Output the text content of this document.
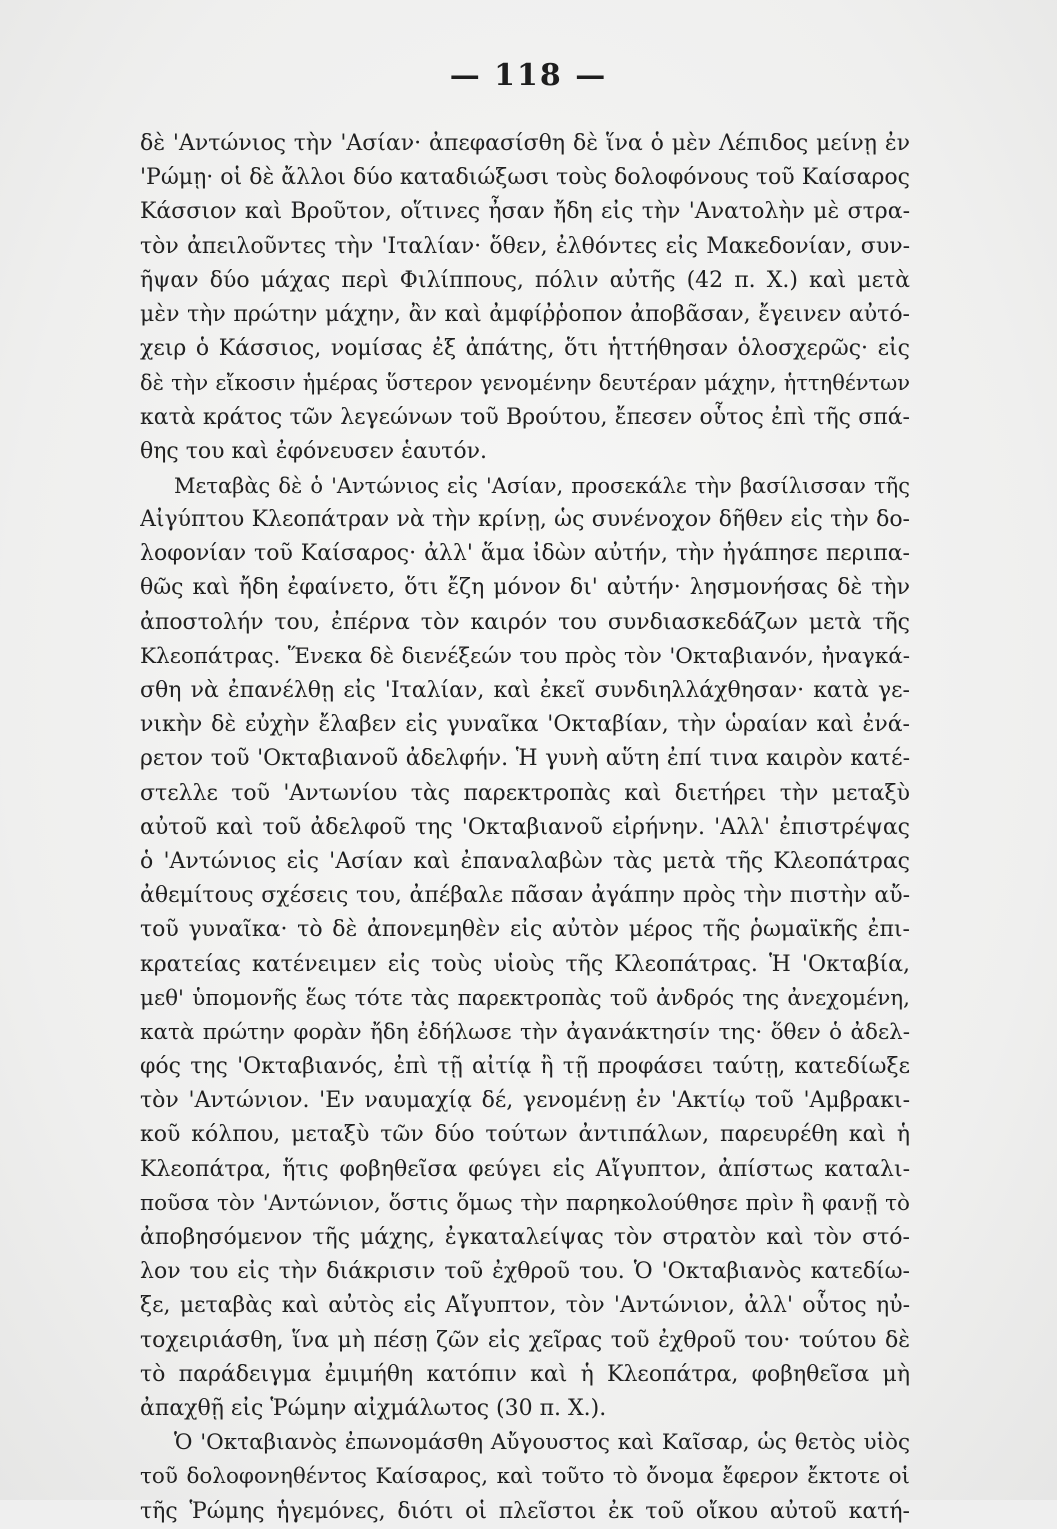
— 118 —
δὲ 'Αντώνιος τὴν 'Ασίαν· ἀπεφασίσθη δὲ ἵνα ὁ μὲν Λέπιδος μείνῃ ἐν
'Ρώμῃ· οἱ δὲ ἄλλοι δύο καταδιώξωσι τοὺς δολοφόνους τοῦ Καίσαρος
Κάσσιον καὶ Βροῦτον, οἵτινες ἦσαν ἤδη εἰς τὴν 'Ανατολὴν μὲ στρα-
τὸν ἀπειλοῦντες τὴν 'Ιταλίαν· ὅθεν, ἐλθόντες εἰς Μακεδονίαν, συν-
ῆψαν δύο μάχας περὶ Φιλίππους, πόλιν αὐτῆς (42 π. Χ.) καὶ μετὰ
μὲν τὴν πρώτην μάχην, ἂν καὶ ἀμφίῤῥοπον ἀποβᾶσαν, ἔγεινεν αὐτό-
χειρ ὁ Κάσσιος, νομίσας ἐξ ἀπάτης, ὅτι ἡττήθησαν ὁλοσχερῶς· εἰς
δὲ τὴν εἴκοσιν ἡμέρας ὕστερον γενομένην δευτέραν μάχην, ἡττηθέντων
κατὰ κράτος τῶν λεγεώνων τοῦ Βρούτου, ἔπεσεν οὗτος ἐπὶ τῆς σπά-
θης του καὶ ἐφόνευσεν ἑαυτόν.
Μεταβὰς δὲ ὁ 'Αντώνιος εἰς 'Ασίαν, προσεκάλε τὴν βασίλισσαν τῆς
Αἰγύπτου Κλεοπάτραν νὰ τὴν κρίνῃ, ὡς συνένοχον δῆθεν εἰς τὴν δο-
λοφονίαν τοῦ Καίσαρος· ἀλλ' ἅμα ἰδὼν αὐτήν, τὴν ἠγάπησε περιπα-
θῶς καὶ ἤδη ἐφαίνετο, ὅτι ἔζη μόνον δι' αὐτήν· λησμονήσας δὲ τὴν
ἀποστολήν του, ἐπέρνα τὸν καιρόν του συνδιασκεδάζων μετὰ τῆς
Κλεοπάτρας. Ἕνεκα δὲ διενέξεών του πρὸς τὸν 'Οκταβιανόν, ἠναγκά-
σθη νὰ ἐπανέλθῃ εἰς 'Ιταλίαν, καὶ ἐκεῖ συνδιηλλάχθησαν· κατὰ γε-
νικὴν δὲ εὐχὴν ἔλαβεν εἰς γυναῖκα 'Οκταβίαν, τὴν ὡραίαν καὶ ἐνά-
ρετον τοῦ 'Οκταβιανοῦ ἀδελφήν. Ἡ γυνὴ αὕτη ἐπί τινα καιρὸν κατέ-
στελλε τοῦ 'Αντωνίου τὰς παρεκτροπὰς καὶ διετήρει τὴν μεταξὺ
αὐτοῦ καὶ τοῦ ἀδελφοῦ της 'Οκταβιανοῦ εἰρήνην. 'Αλλ' ἐπιστρέψας
ὁ 'Αντώνιος εἰς 'Ασίαν καὶ ἐπαναλαβὼν τὰς μετὰ τῆς Κλεοπάτρας
ἀθεμίτους σχέσεις του, ἀπέβαλε πᾶσαν ἀγάπην πρὸς τὴν πιστὴν αὔ-
τοῦ γυναῖκα· τὸ δὲ ἀπονεμηθὲν εἰς αὐτὸν μέρος τῆς ῥωμαϊκῆς ἐπι-
κρατείας κατένειμεν εἰς τοὺς υἱοὺς τῆς Κλεοπάτρας. Ἡ 'Οκταβία,
μεθ' ὑπομονῆς ἕως τότε τὰς παρεκτροπὰς τοῦ ἀνδρός της ἀνεχομένη,
κατὰ πρώτην φορὰν ἤδη ἐδήλωσε τὴν ἀγανάκτησίν της· ὅθεν ὁ ἀδελ-
φός της 'Οκταβιανός, ἐπὶ τῇ αἰτίᾳ ἢ τῇ προφάσει ταύτῃ, κατεδίωξε
τὸν 'Αντώνιον. 'Εν ναυμαχίᾳ δέ, γενομένῃ ἐν 'Ακτίῳ τοῦ 'Αμβρακι-
κοῦ κόλπου, μεταξὺ τῶν δύο τούτων ἀντιπάλων, παρευρέθη καὶ ἡ
Κλεοπάτρα, ἥτις φοβηθεῖσα φεύγει εἰς Αἴγυπτον, ἀπίστως καταλι-
ποῦσα τὸν 'Αντώνιον, ὅστις ὅμως τὴν παρηκολούθησε πρὶν ἢ φανῇ τὸ
ἀποβησόμενον τῆς μάχης, ἐγκαταλείψας τὸν στρατὸν καὶ τὸν στό-
λον του εἰς τὴν διάκρισιν τοῦ ἐχθροῦ του. Ὁ 'Οκταβιανὸς κατεδίω-
ξε, μεταβὰς καὶ αὐτὸς εἰς Αἴγυπτον, τὸν 'Αντώνιον, ἀλλ' οὗτος ηὐ-
τοχειριάσθη, ἵνα μὴ πέσῃ ζῶν εἰς χεῖρας τοῦ ἐχθροῦ του· τούτου δὲ
τὸ παράδειγμα ἐμιμήθη κατόπιν καὶ ἡ Κλεοπάτρα, φοβηθεῖσα μὴ
ἀπαχθῇ εἰς Ῥώμην αἰχμάλωτος (30 π. Χ.).
Ὁ 'Οκταβιανὸς ἐπωνομάσθη Αὔγουστος καὶ Καῖσαρ, ὡς θετὸς υἱὸς
τοῦ δολοφονηθέντος Καίσαρος, καὶ τοῦτο τὸ ὄνομα ἔφερον ἔκτοτε οἱ
τῆς Ῥώμης ἡγεμόνες, διότι οἱ πλεῖστοι ἐκ τοῦ οἴκου αὐτοῦ κατή-
